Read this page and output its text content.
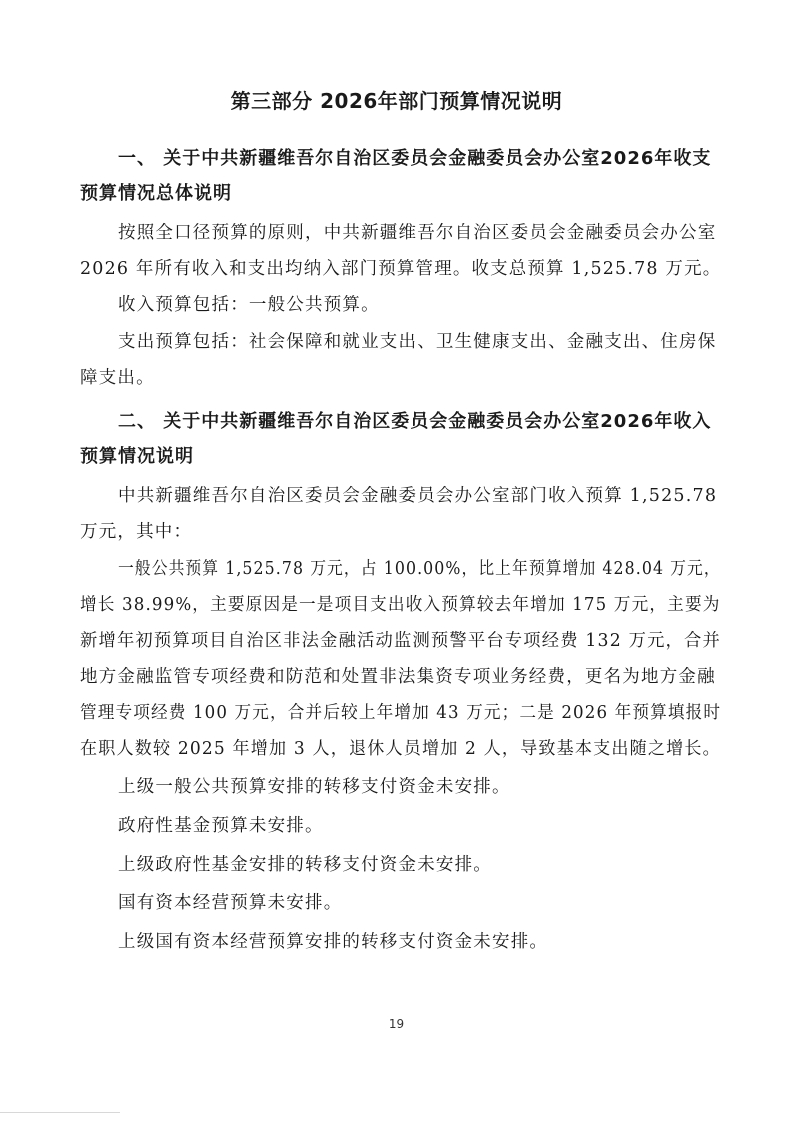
第三部分 2026年部门预算情况说明
一、 关于中共新疆维吾尔自治区委员会金融委员会办公室2026年收支
预算情况总体说明
按照全口径预算的原则，中共新疆维吾尔自治区委员会金融委员会办公室
2026 年所有收入和支出均纳入部门预算管理。收支总预算 1,525.78 万元。
收入预算包括：一般公共预算。
支出预算包括：社会保障和就业支出、卫生健康支出、金融支出、住房保
障支出。
二、 关于中共新疆维吾尔自治区委员会金融委员会办公室2026年收入
预算情况说明
中共新疆维吾尔自治区委员会金融委员会办公室部门收入预算 1,525.78
万元，其中：
一般公共预算 1,525.78 万元，占 100.00%，比上年预算增加 428.04 万元，
增长 38.99%，主要原因是一是项目支出收入预算较去年增加 175 万元，主要为
新增年初预算项目自治区非法金融活动监测预警平台专项经费 132 万元，合并
地方金融监管专项经费和防范和处置非法集资专项业务经费，更名为地方金融
管理专项经费 100 万元，合并后较上年增加 43 万元；二是 2026 年预算填报时
在职人数较 2025 年增加 3 人，退休人员增加 2 人，导致基本支出随之增长。
上级一般公共预算安排的转移支付资金未安排。
政府性基金预算未安排。
上级政府性基金安排的转移支付资金未安排。
国有资本经营预算未安排。
上级国有资本经营预算安排的转移支付资金未安排。
19
